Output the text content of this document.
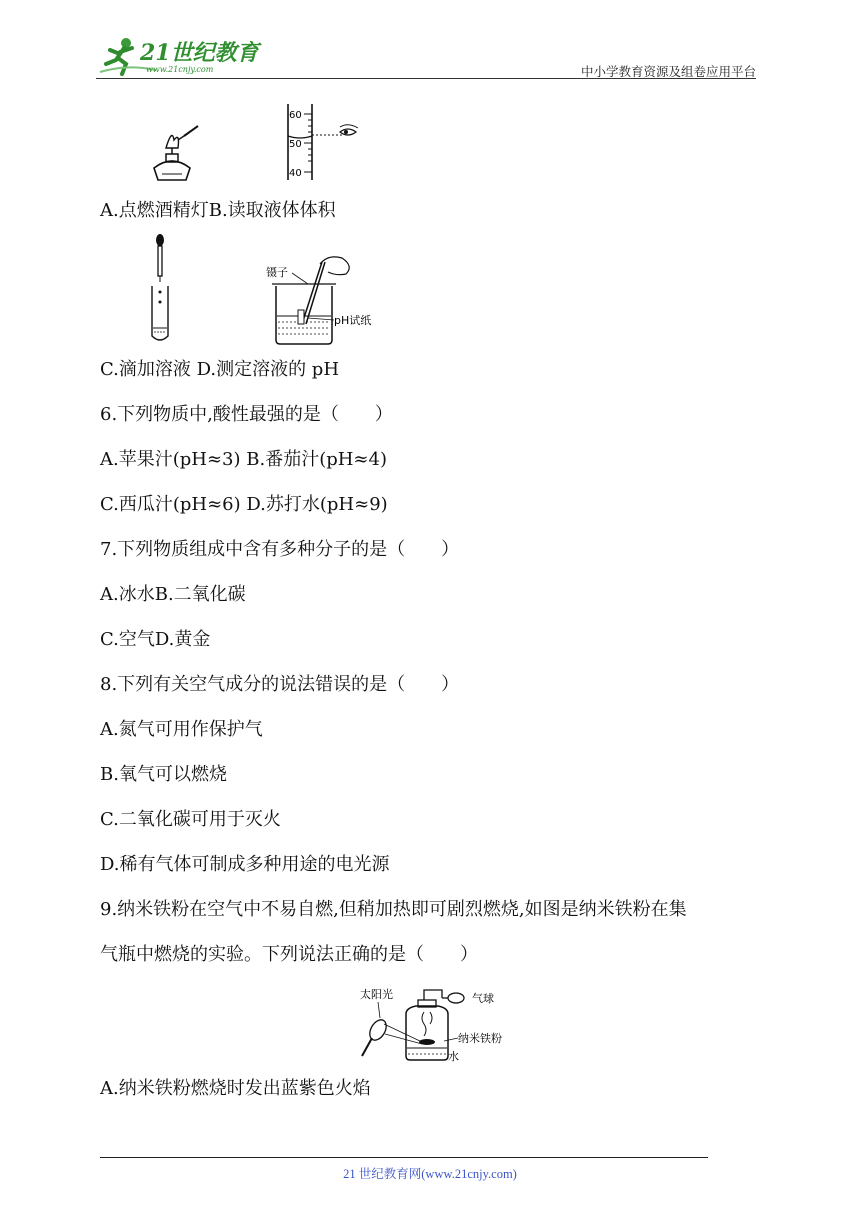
21世纪教育
www.21cnjy.com	中小学教育资源及组卷应用平台
60
50
40
A.点燃酒精灯B.读取液体体积
镊子
pH试纸
C.滴加溶液 D.测定溶液的 pH
6.下列物质中,酸性最强的是（　　）
A.苹果汁(pH≈3) B.番茄汁(pH≈4)
C.西瓜汁(pH≈6) D.苏打水(pH≈9)
7.下列物质组成中含有多种分子的是（　　）
A.冰水B.二氧化碳
C.空气D.黄金
8.下列有关空气成分的说法错误的是（　　）
A.氮气可用作保护气
B.氧气可以燃烧
C.二氧化碳可用于灭火
D.稀有气体可制成多种用途的电光源
9.纳米铁粉在空气中不易自燃,但稍加热即可剧烈燃烧,如图是纳米铁粉在集
气瓶中燃烧的实验。下列说法正确的是（　　）
太阳光	气球
纳米铁粉
水
A.纳米铁粉燃烧时发出蓝紫色火焰
21 世纪教育网(www.21cnjy.com)
